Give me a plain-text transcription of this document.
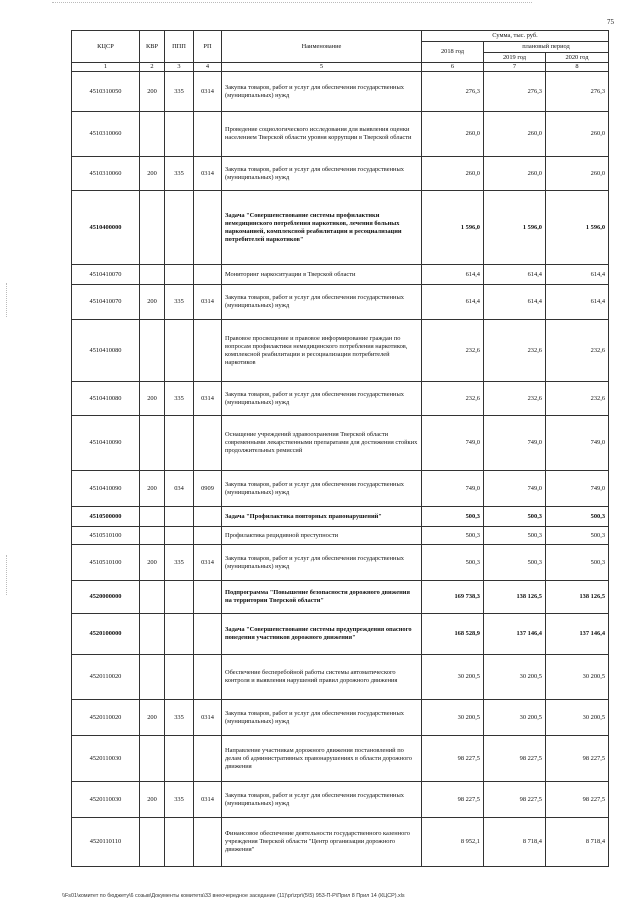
75
КЦСР	КВР	ППП	РП	Наименование	Сумма, тыс. руб.		
					2018 год	плановый период	
						2019 год	2020 год
1	2	3	4	5	6	7	8
4510310050	200	335	0314	Закупка товаров, работ и услуг для обеспечения государственных (муниципальных) нужд	276,3	276,3	276,3
4510310060				Проведение социологического исследования для выявления оценки населением Тверской области уровня коррупции в Тверской области	260,0	260,0	260,0
4510310060	200	335	0314	Закупка товаров, работ и услуг для обеспечения государственных (муниципальных) нужд	260,0	260,0	260,0
4510400000				Задача "Совершенствование системы профилактики немедицинского потребления наркотиков, лечения больных наркоманией, комплексной реабилитации и ресоциализации потребителей наркотиков"	1 596,0	1 596,0	1 596,0
4510410070				Мониторинг наркоситуации в Тверской области	614,4	614,4	614,4
4510410070	200	335	0314	Закупка товаров, работ и услуг для обеспечения государственных (муниципальных) нужд	614,4	614,4	614,4
4510410080				Правовое просвещение и правовое информирование граждан по вопросам профилактики немедицинского потребления наркотиков, комплексной реабилитации и ресоциализации потребителей наркотиков	232,6	232,6	232,6
4510410080	200	335	0314	Закупка товаров, работ и услуг для обеспечения государственных (муниципальных) нужд	232,6	232,6	232,6
4510410090				Оснащение учреждений здравоохранения Тверской области современными лекарственными препаратами для достижения стойких продолжительных ремиссий	749,0	749,0	749,0
4510410090	200	034	0909	Закупка товаров, работ и услуг для обеспечения государственных (муниципальных) нужд	749,0	749,0	749,0
4510500000				Задача "Профилактика повторных правонарушений"	500,3	500,3	500,3
4510510100				Профилактика рецидивной преступности	500,3	500,3	500,3
4510510100	200	335	0314	Закупка товаров, работ и услуг для обеспечения государственных (муниципальных) нужд	500,3	500,3	500,3
4520000000				Подпрограмма "Повышение безопасности дорожного движения на территории Тверской области"	169 738,3	138 126,5	138 126,5
4520100000				Задача "Совершенствование системы предупреждения опасного поведения участников дорожного движения"	168 528,9	137 146,4	137 146,4
4520110020				Обеспечение бесперебойной работы системы автоматического контроля и выявления нарушений правил дорожного движения	30 200,5	30 200,5	30 200,5
4520110020	200	335	0314	Закупка товаров, работ и услуг для обеспечения государственных (муниципальных) нужд	30 200,5	30 200,5	30 200,5
4520110030				Направление участникам дорожного движения постановлений по делам об административных правонарушениях в области дорожного движения	98 227,5	98 227,5	98 227,5
4520110030	200	335	0314	Закупка товаров, работ и услуг для обеспечения государственных (муниципальных) нужд	98 227,5	98 227,5	98 227,5
4520110110				Финансовое обеспечение деятельности государственного казенного учреждения Тверской области "Центр организации дорожного движения"	8 952,1	8 718,4	8 718,4
\\Fs01\комитет по бюджету\6 созыв\Документы комитета\33 внеочередное заседание (11)\pr\zpr\(5\5) 953-П-Р\Прил 8 Прил 14 (КЦСР).xls
